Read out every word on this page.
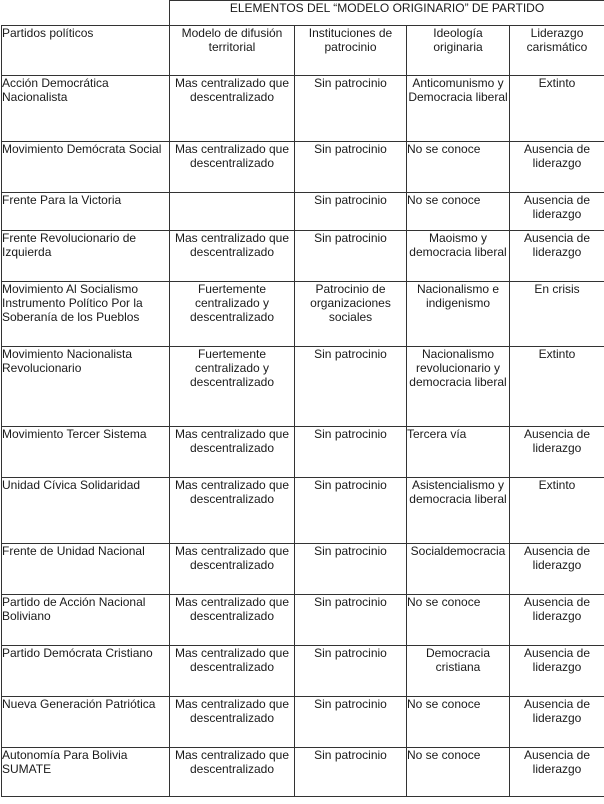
	ELEMENTOS DEL “MODELO ORIGINARIO” DE PARTIDO			

Partidos políticos	Modelo de difusión territorial	Instituciones de patrocinio	Ideología originaria	Liderazgo carismático

Acción Democrática Nacionalista	Mas centralizado que descentralizado	Sin patrocinio	Anticomunismo y Democracia liberal	Extinto

Movimiento Demócrata Social	Mas centralizado que descentralizado	Sin patrocinio	No se conoce	Ausencia de liderazgo

Frente Para la Victoria		Sin patrocinio	No se conoce	Ausencia de liderazgo

Frente Revolucionario de Izquierda	Mas centralizado que descentralizado	Sin patrocinio	Maoismo y democracia liberal	Ausencia de liderazgo

Movimiento Al Socialismo Instrumento Político Por la Soberanía de los Pueblos	Fuertemente centralizado y descentralizado	Patrocinio de organizaciones sociales	Nacionalismo e indigenismo	En crisis

Movimiento Nacionalista Revolucionario	Fuertemente centralizado y descentralizado	Sin patrocinio	Nacionalismo revolucionario y democracia liberal	Extinto

Movimiento Tercer Sistema	Mas centralizado que descentralizado	Sin patrocinio	Tercera vía	Ausencia de liderazgo

Unidad Cívica Solidaridad	Mas centralizado que descentralizado	Sin patrocinio	Asistencialismo y democracia liberal	Extinto

Frente de Unidad Nacional	Mas centralizado que descentralizado	Sin patrocinio	Socialdemocracia	Ausencia de liderazgo

Partido de Acción Nacional Boliviano	Mas centralizado que descentralizado	Sin patrocinio	No se conoce	Ausencia de liderazgo

Partido Demócrata Cristiano	Mas centralizado que descentralizado	Sin patrocinio	Democracia cristiana	Ausencia de liderazgo

Nueva Generación Patriótica	Mas centralizado que descentralizado	Sin patrocinio	No se conoce	Ausencia de liderazgo

Autonomía Para Bolivia SUMATE	Mas centralizado que descentralizado	Sin patrocinio	No se conoce	Ausencia de liderazgo
